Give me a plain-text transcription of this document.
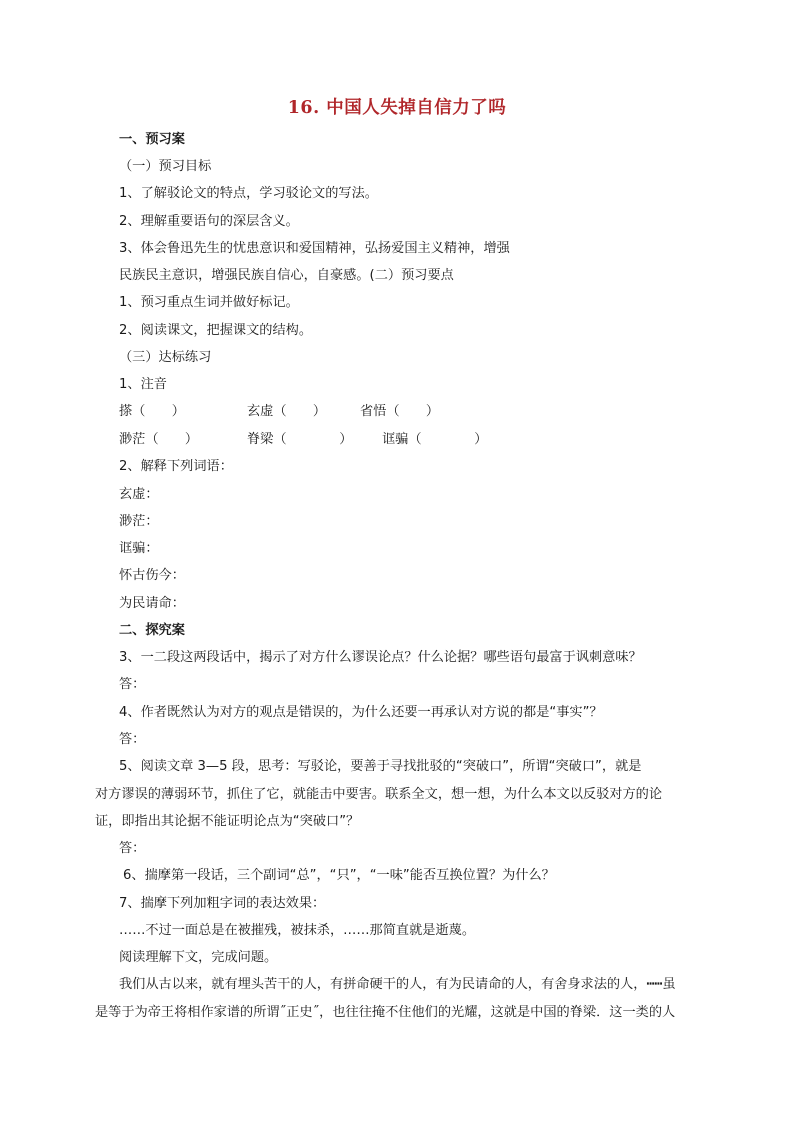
16. 中国人失掉自信力了吗
一、预习案
（一）预习目标
1、了解驳论文的特点，学习驳论文的写法。
2、理解重要语句的深层含义。
3、体会鲁迅先生的忧患意识和爱国精神，弘扬爱国主义精神，增强
民族民主意识，增强民族自信心，自豪感。(二）预习要点
1、预习重点生词并做好标记。
2、阅读课文，把握课文的结构。
（三）达标练习
1、注音
搽（　　）	玄虚（　　）	省悟（　　）
渺茫（　　）	脊梁（　　　　） 诓骗（　　　　）
2、解释下列词语：
玄虚：
渺茫：
诓骗：
怀古伤今：
为民请命：
二、探究案
3、一二段这两段话中，揭示了对方什么谬误论点？什么论据？哪些语句最富于讽刺意味？
答：
4、作者既然认为对方的观点是错误的，为什么还要一再承认对方说的都是“事实”？
答：
5、阅读文章 3—5 段，思考：写驳论，要善于寻找批驳的“突破口”，所谓“突破口”，就是
对方谬误的薄弱环节，抓住了它，就能击中要害。联系全文，想一想，为什么本文以反驳对方的论
证，即指出其论据不能证明论点为“突破口”？
答：
6、揣摩第一段话，三个副词“总”，“只”，“一味”能否互换位置？为什么？
7、揣摩下列加粗字词的表达效果：
……不过一面总是在被摧残，被抹杀，……那简直就是逝蔑。
阅读理解下文，完成问题。
我们从古以来，就有埋头苦干的人，有拼命硬干的人，有为民请命的人，有舍身求法的人，┅┅虽
是等于为帝王将相作家谱的所谓˝正史˝，也往往掩不住他们的光耀，这就是中国的脊梁．这一类的人
